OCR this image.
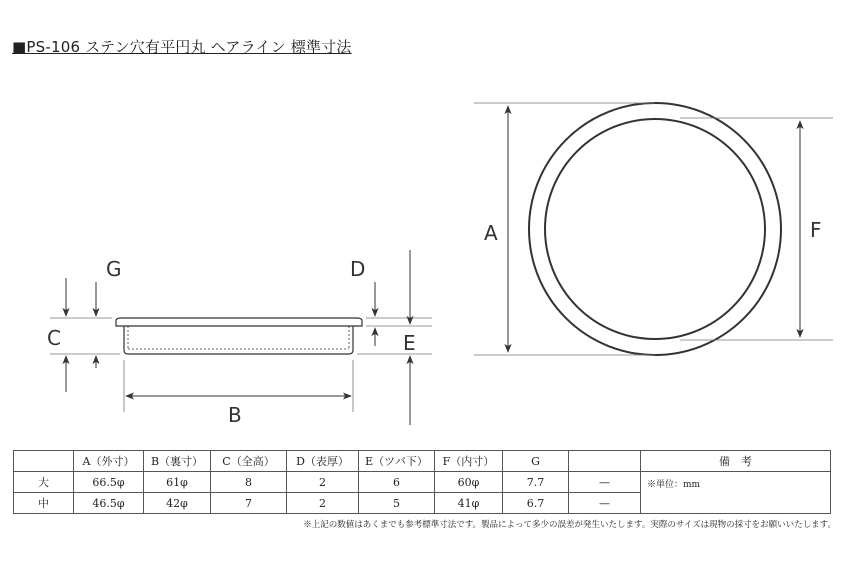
■PS-106 ステン穴有平円丸 ヘアライン 標準寸法
C
G	D
E
B
A	F
	A（外寸）	B（裏寸）	C（全高）	D（表厚）	E（ツバ下）	F（内寸）	G		備　考
大	66.5φ	61φ	8	2	6	60φ	7.7	—	※単位：mm
中	46.5φ	42φ	7	2	5	41φ	6.7	—	
※上記の数値はあくまでも参考標準寸法です。製品によって多少の誤差が発生いたします。実際のサイズは現物の採寸をお願いいたします。
